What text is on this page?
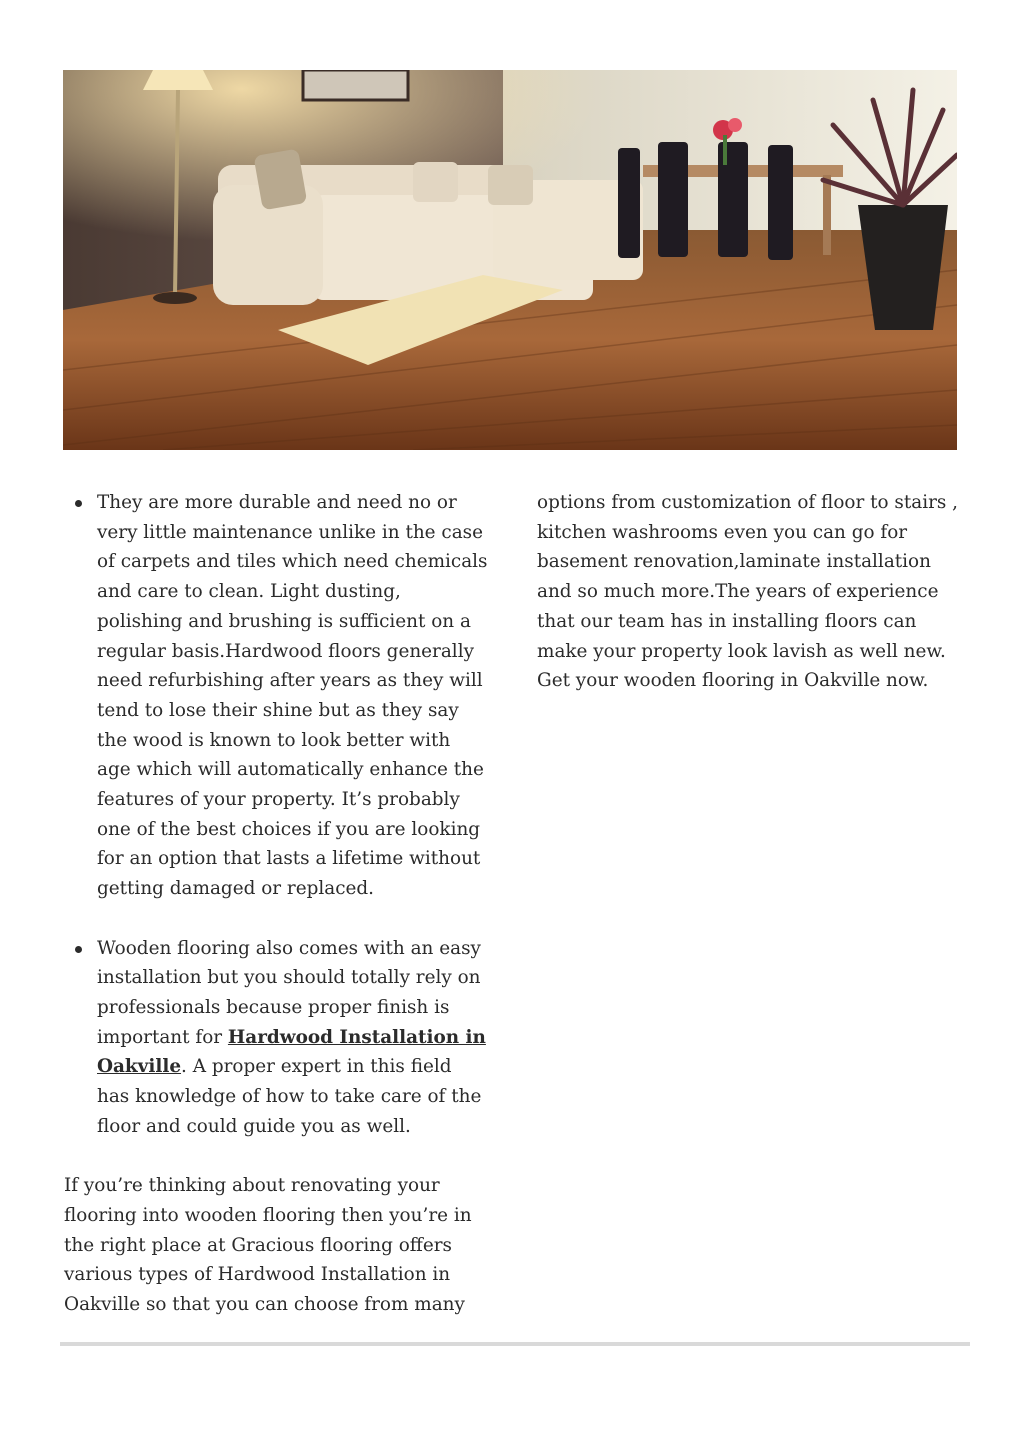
They are more durable and need no or very little maintenance unlike in the case of carpets and tiles which need chemicals and care to clean. Light dusting, polishing and brushing is sufficient on a regular basis.Hardwood floors generally need refurbishing after years as they will tend to lose their shine but as they say the wood is known to look better with age which will automatically enhance the features of your property. It’s probably one of the best choices if you are looking for an option that lasts a lifetime without getting damaged or replaced.
Wooden flooring also comes with an easy installation but you should totally rely on professionals because proper finish is important for Hardwood Installation in Oakville. A proper expert in this field has knowledge of how to take care of the floor and could guide you as well.

If you’re thinking about renovating your flooring into wooden flooring then you’re in the right place at Gracious flooring offers various types of Hardwood Installation in Oakville so that you can choose from many

options from customization of floor to stairs , kitchen washrooms even you can go for basement renovation,laminate installation and so much more.The years of experience that our team has in installing floors can make your property look lavish as well new. Get your wooden flooring in Oakville now.
